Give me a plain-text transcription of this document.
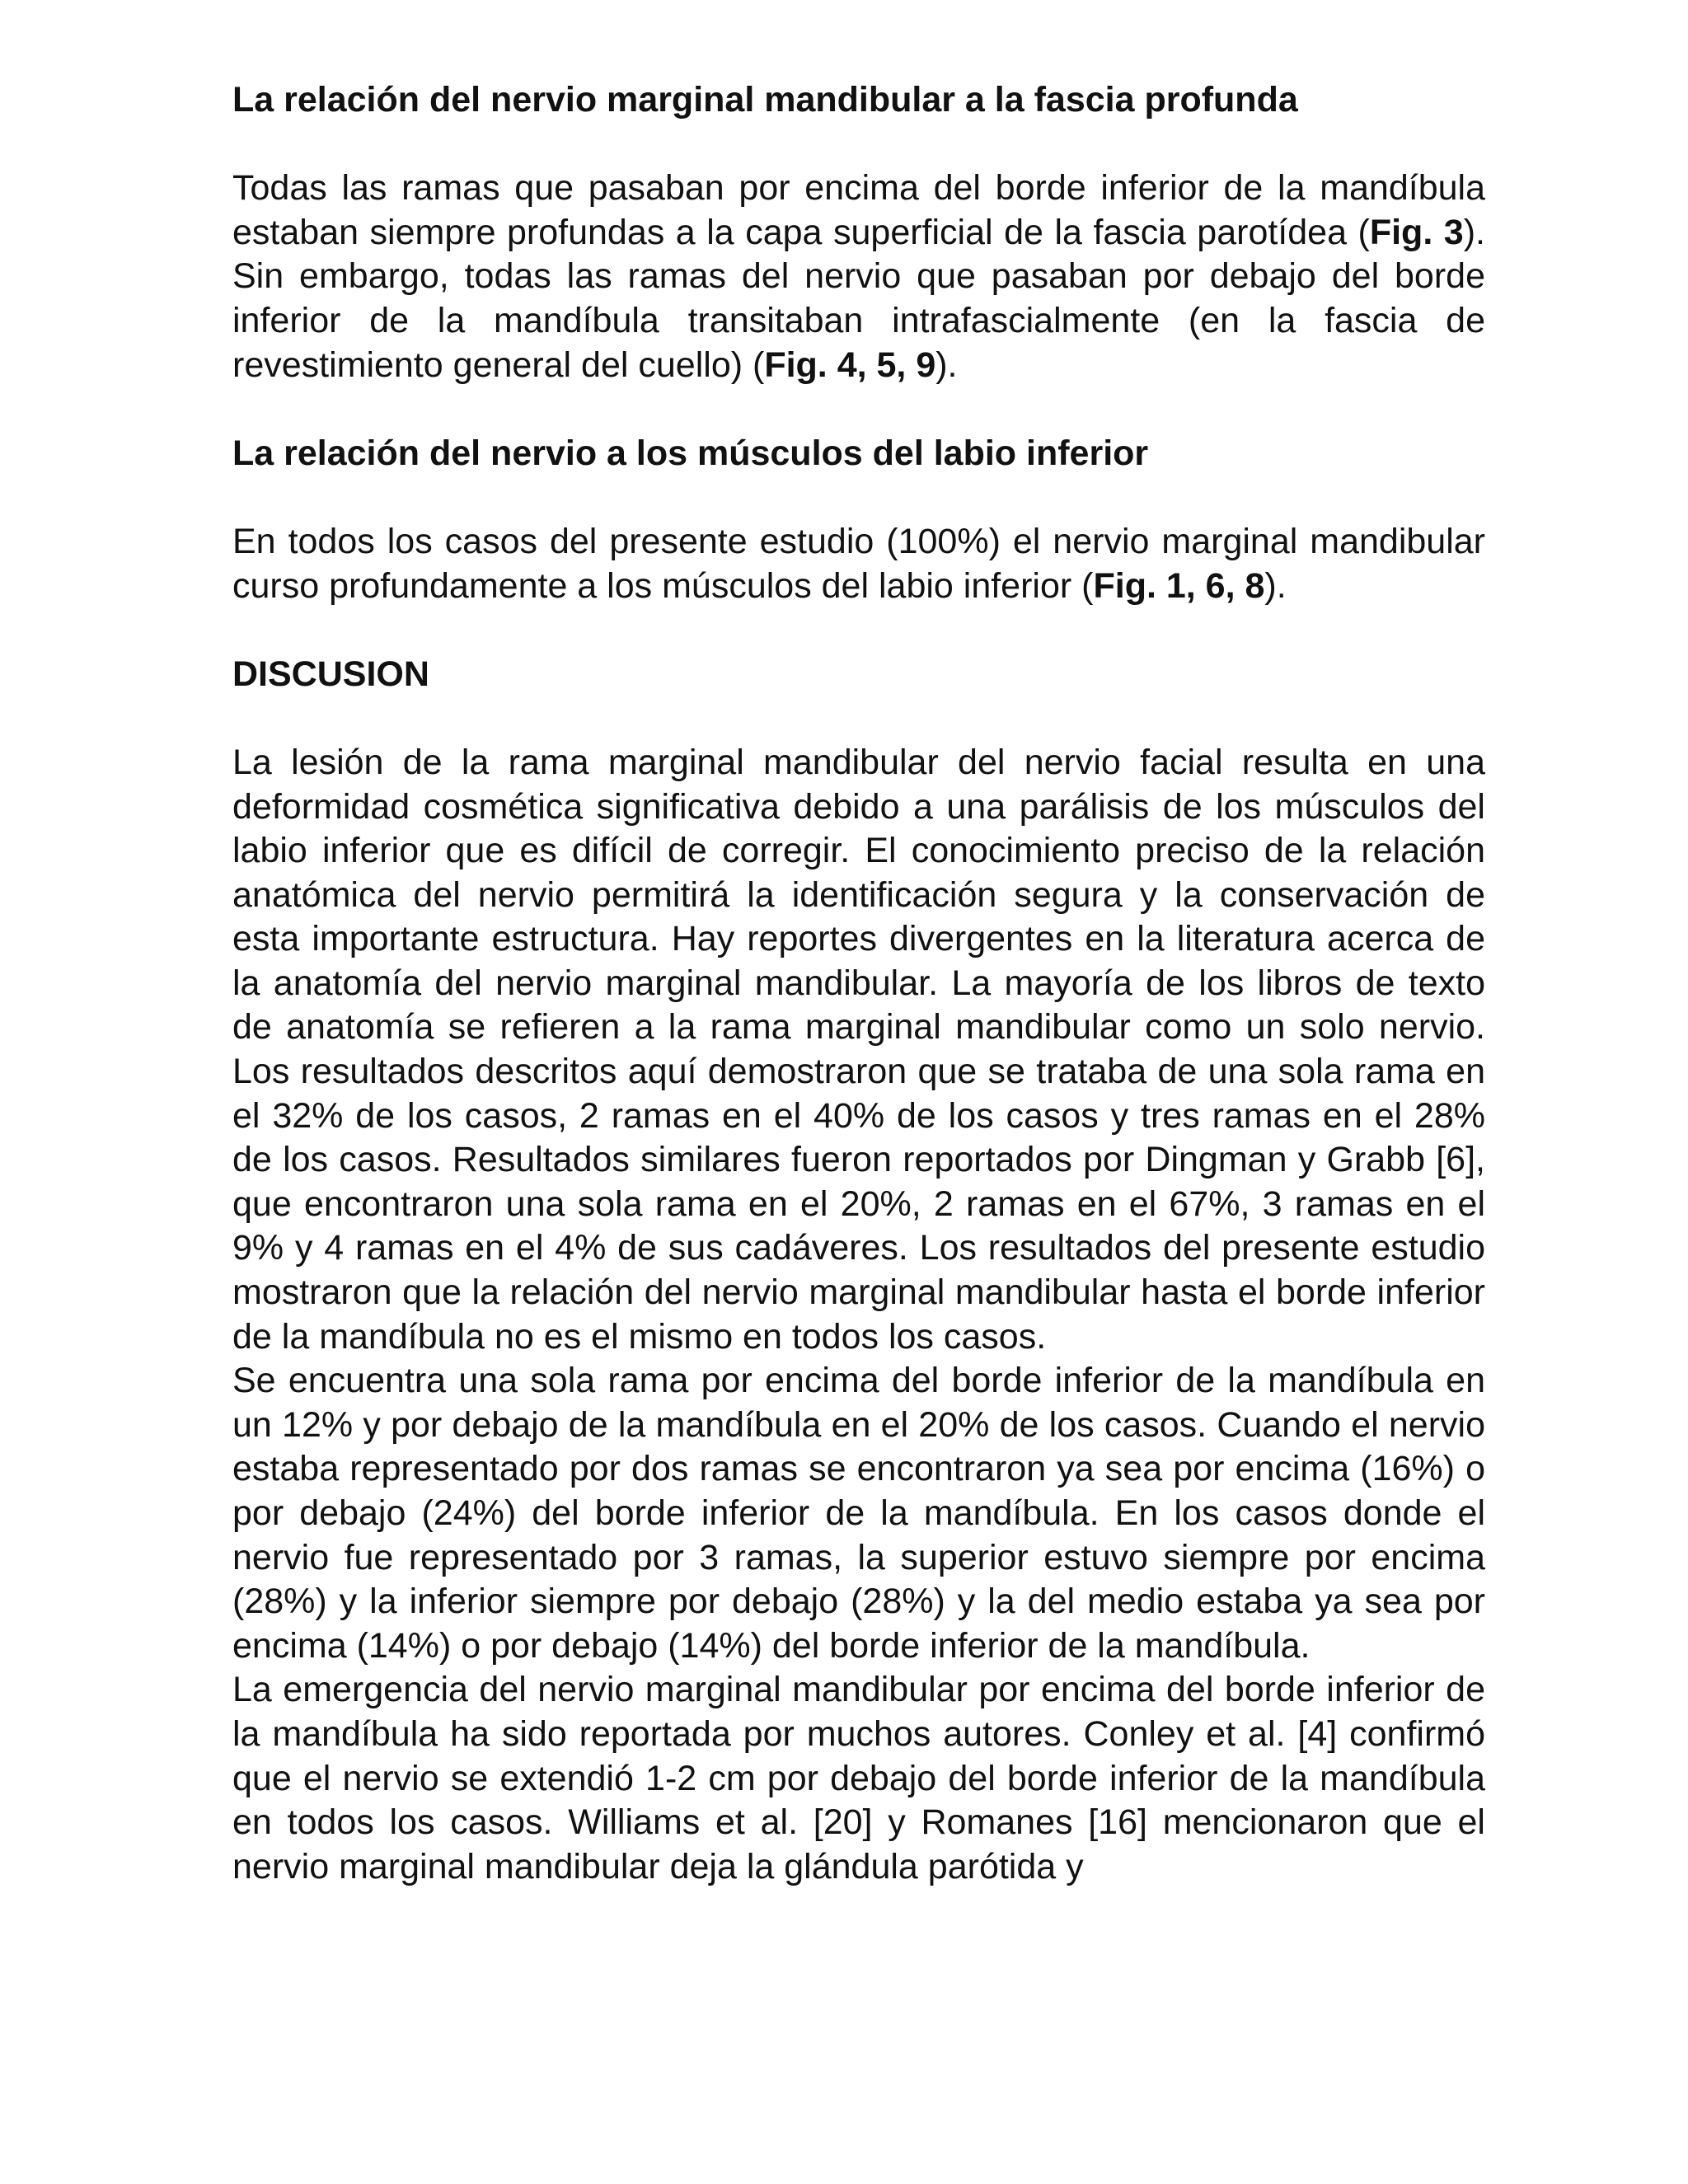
La relación del nervio marginal mandibular a la fascia profunda

Todas las ramas que pasaban por encima del borde inferior de la mandíbula estaban siempre profundas a la capa superficial de la fascia parotídea (Fig. 3). Sin embargo, todas las ramas del nervio que pasaban por debajo del borde inferior de la mandíbula transitaban intrafascialmente (en la fascia de revestimiento general del cuello) (Fig. 4, 5, 9).

La relación del nervio a los músculos del labio inferior

En todos los casos del presente estudio (100%) el nervio marginal mandibular curso profundamente a los músculos del labio inferior (Fig. 1, 6, 8).

DISCUSION

La lesión de la rama marginal mandibular del nervio facial resulta en una deformidad cosmética significativa debido a una parálisis de los músculos del labio inferior que es difícil de corregir. El conocimiento preciso de la relación anatómica del nervio permitirá la identificación segura y la conservación de esta importante estructura. Hay reportes divergentes en la literatura acerca de la anatomía del nervio marginal mandibular. La mayoría de los libros de texto de anatomía se refieren a la rama marginal mandibular como un solo nervio. Los resultados descritos aquí demostraron que se trataba de una sola rama en el 32% de los casos, 2 ramas en el 40% de los casos y tres ramas en el 28% de los casos. Resultados similares fueron reportados por Dingman y Grabb [6], que encontraron una sola rama en el 20%, 2 ramas en el 67%, 3 ramas en el 9% y 4 ramas en el 4% de sus cadáveres. Los resultados del presente estudio mostraron que la relación del nervio marginal mandibular hasta el borde inferior de la mandíbula no es el mismo en todos los casos.

Se encuentra una sola rama por encima del borde inferior de la mandíbula en un 12% y por debajo de la mandíbula en el 20% de los casos. Cuando el nervio estaba representado por dos ramas se encontraron ya sea por encima (16%) o por debajo (24%) del borde inferior de la mandíbula. En los casos donde el nervio fue representado por 3 ramas, la superior estuvo siempre por encima (28%) y la inferior siempre por debajo (28%) y la del medio estaba ya sea por encima (14%) o por debajo (14%) del borde inferior de la mandíbula.

La emergencia del nervio marginal mandibular por encima del borde inferior de la mandíbula ha sido reportada por muchos autores. Conley et al. [4] confirmó que el nervio se extendió 1-2 cm por debajo del borde inferior de la mandíbula en todos los casos. Williams et al. [20] y Romanes [16] mencionaron que el nervio marginal mandibular deja la glándula parótida y
